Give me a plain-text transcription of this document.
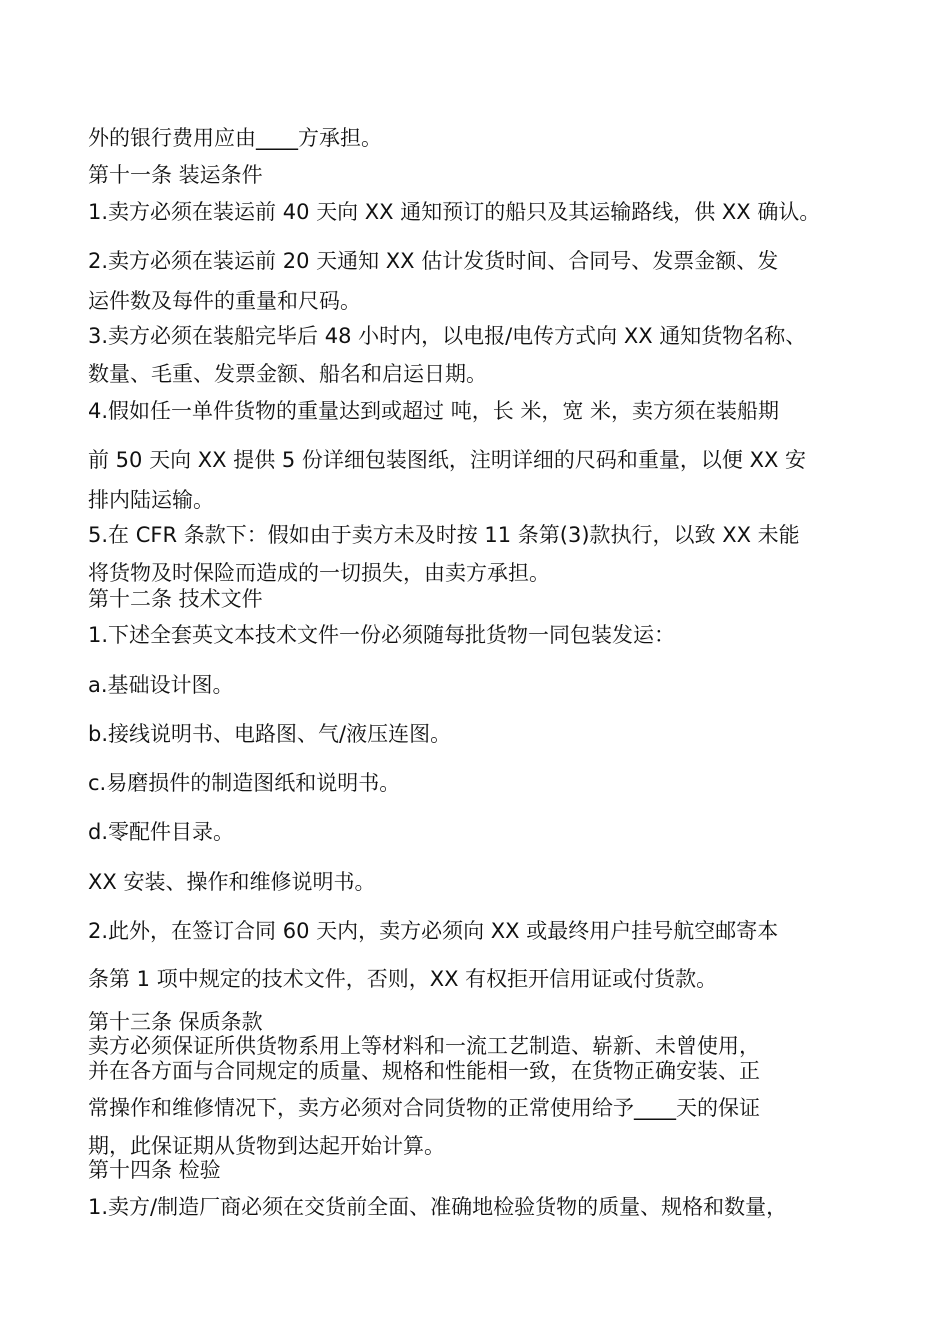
外的银行费用应由____方承担。
第十一条 装运条件
1.卖方必须在装运前 40 天向 XX 通知预订的船只及其运输路线，供 XX 确认。
2.卖方必须在装运前 20 天通知 XX 估计发货时间、合同号、发票金额、发
运件数及每件的重量和尺码。
3.卖方必须在装船完毕后 48 小时内，以电报/电传方式向 XX 通知货物名称、
数量、毛重、发票金额、船名和启运日期。
4.假如任一单件货物的重量达到或超过 吨，长 米，宽 米，卖方须在装船期
前 50 天向 XX 提供 5 份详细包装图纸，注明详细的尺码和重量，以便 XX 安
排内陆运输。
5.在 CFR 条款下：假如由于卖方未及时按 11 条第(3)款执行，以致 XX 未能
将货物及时保险而造成的一切损失，由卖方承担。
第十二条 技术文件
1.下述全套英文本技术文件一份必须随每批货物一同包装发运：
a.基础设计图。
b.接线说明书、电路图、气/液压连图。
c.易磨损件的制造图纸和说明书。
d.零配件目录。
XX 安装、操作和维修说明书。
2.此外，在签订合同 60 天内，卖方必须向 XX 或最终用户挂号航空邮寄本
条第 1 项中规定的技术文件，否则，XX 有权拒开信用证或付货款。
第十三条 保质条款
卖方必须保证所供货物系用上等材料和一流工艺制造、崭新、未曾使用，
并在各方面与合同规定的质量、规格和性能相一致，在货物正确安装、正
常操作和维修情况下，卖方必须对合同货物的正常使用给予____天的保证
期，此保证期从货物到达起开始计算。
第十四条 检验
1.卖方/制造厂商必须在交货前全面、准确地检验货物的质量、规格和数量，
